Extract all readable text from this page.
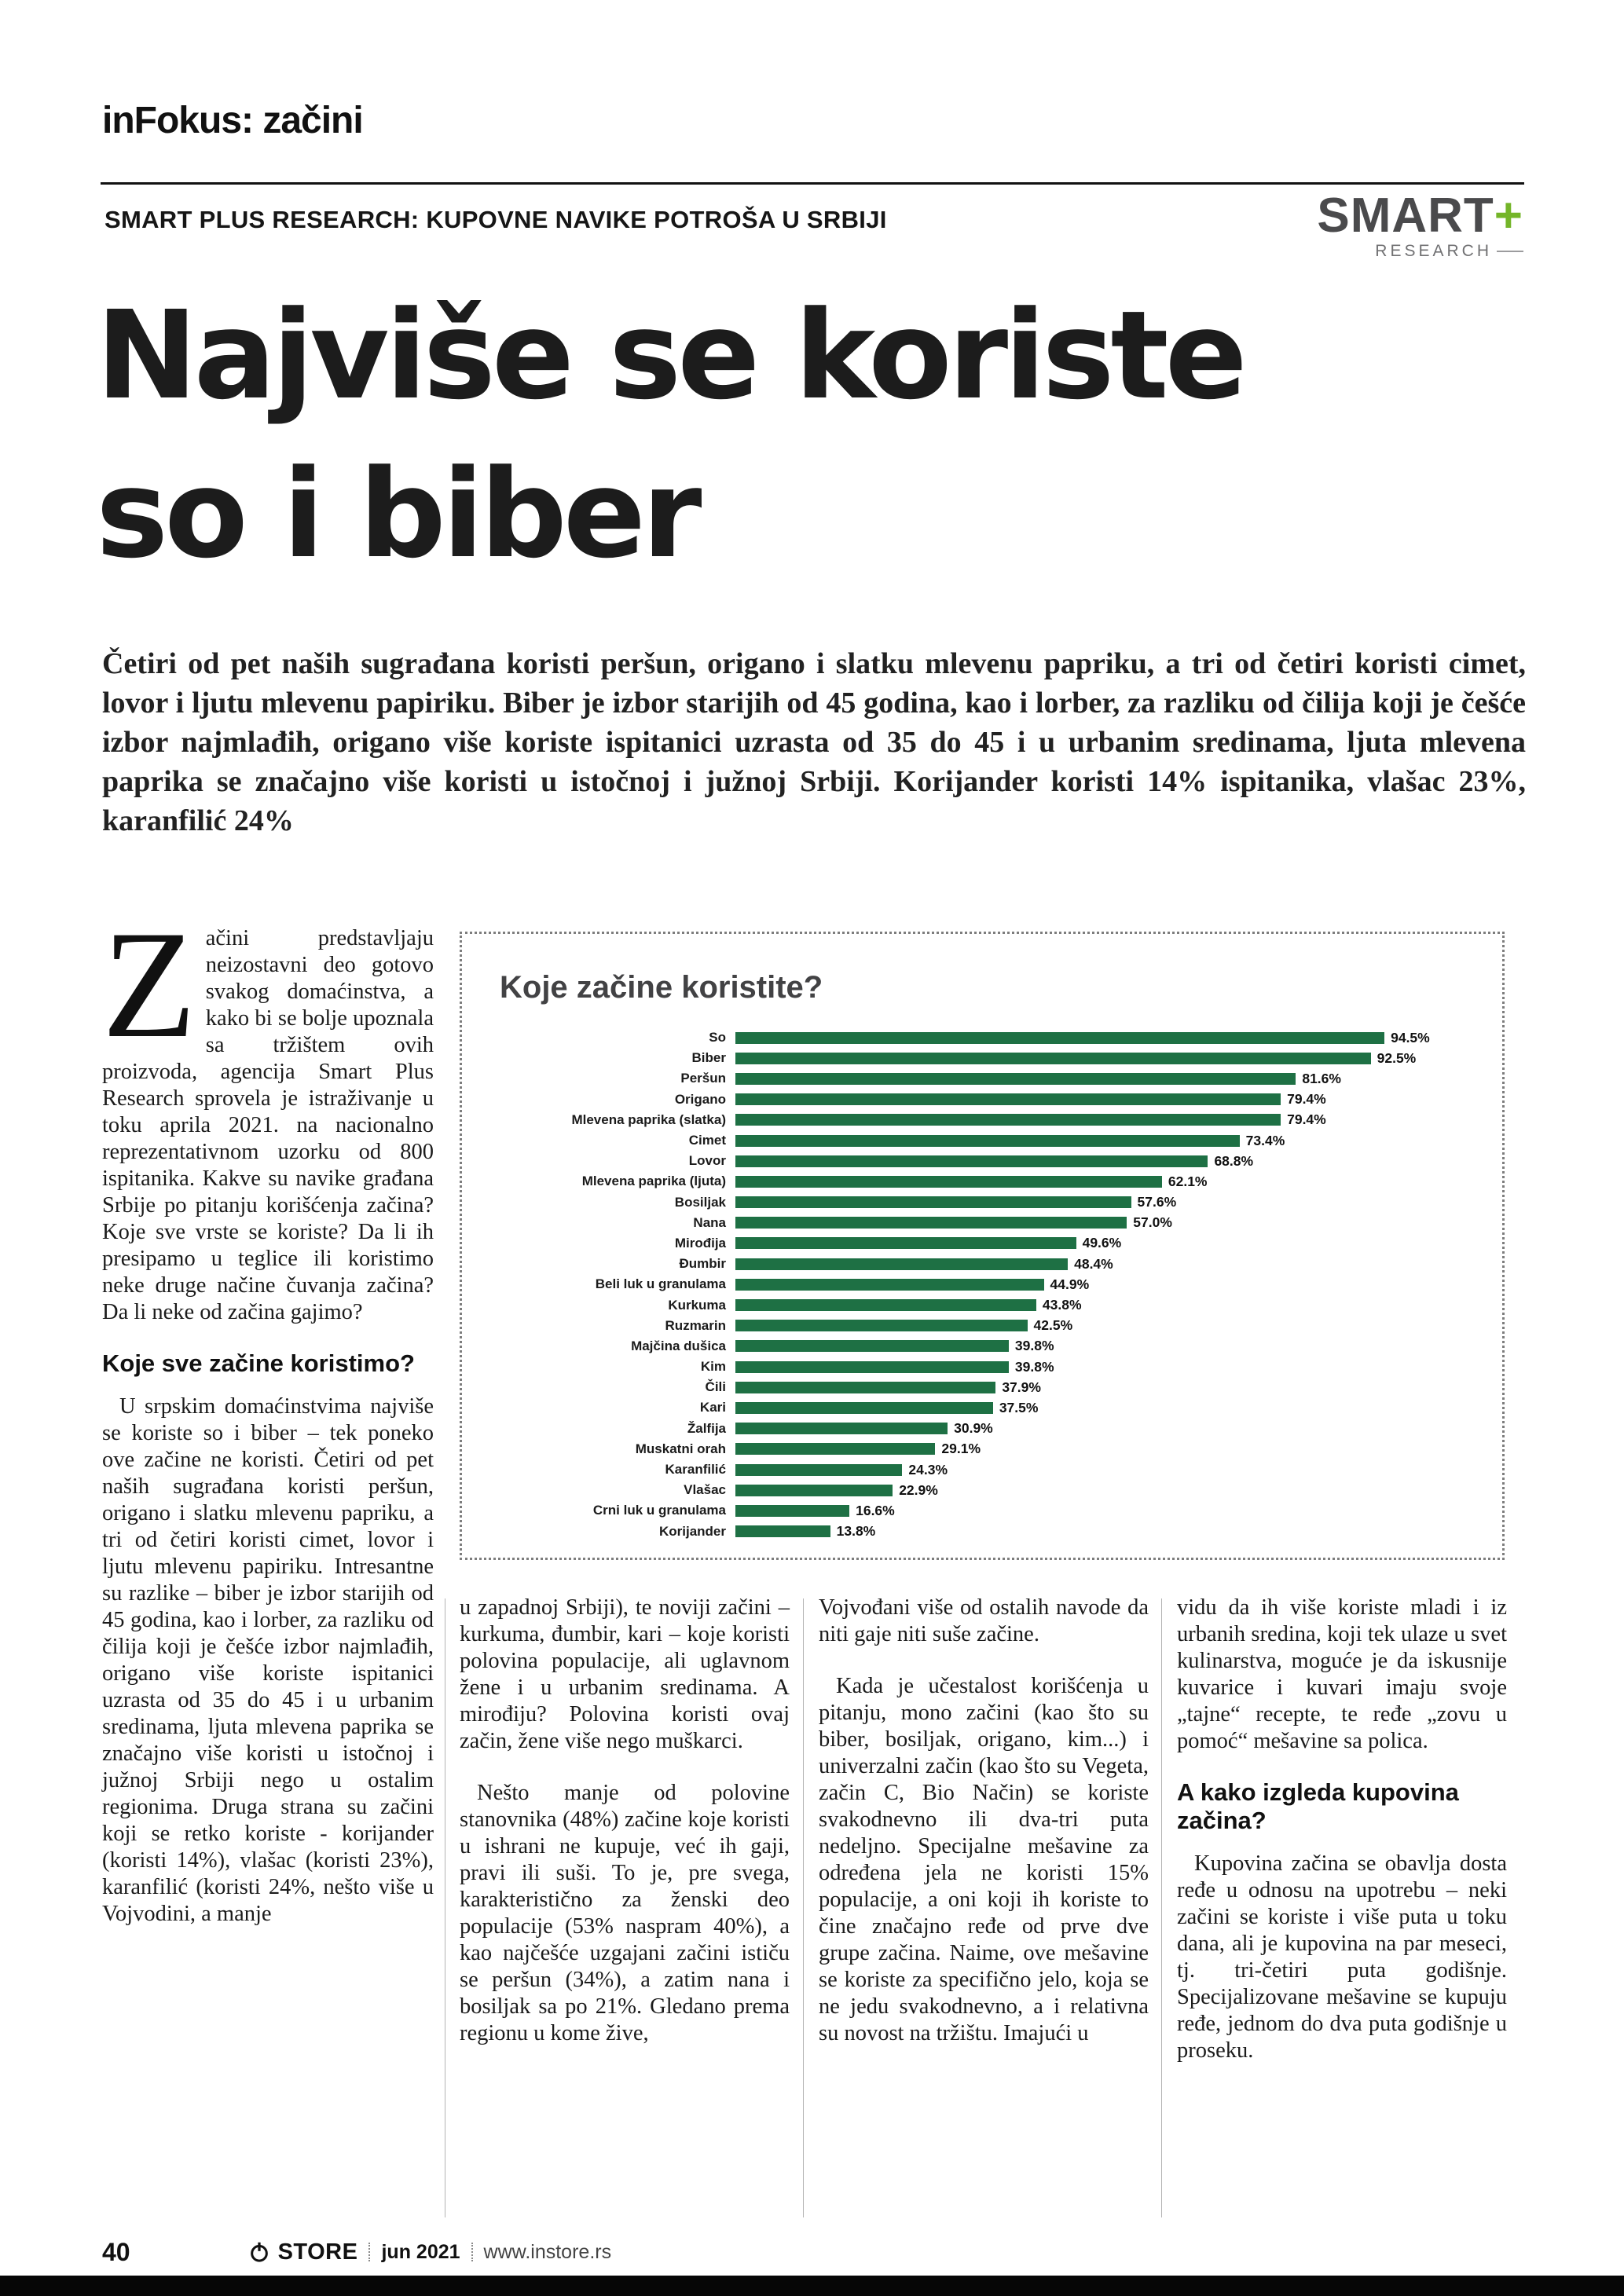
inFokus: začini
SMART PLUS RESEARCH: KUPOVNE NAVIKE POTROŠA U SRBIJI	SMART+
RESEARCH
Najviše se koriste
so i biber
Četiri od pet naših sugrađana koristi peršun, origano i slatku mlevenu papriku, a tri od četiri koristi cimet, lovor i ljutu mlevenu papiriku. Biber je izbor starijih od 45 godina, kao i lorber, za razliku od čilija koji je češće izbor najmlađih, origano više koriste ispitanici uzrasta od 35 do 45 i u urbanim sredinama, ljuta mlevena paprika se značajno više koristi u istočnoj i južnoj Srbiji. Korijander koristi 14% ispitanika, vlašac 23%, karanfilić 24%

Začini predstavljaju neizostavni deo gotovo svakog domaćinstva, a kako bi se bolje upoznala sa tržištem ovih proizvoda, agencija Smart Plus Research sprovela je istraživanje u toku aprila 2021. na nacionalno reprezentativnom uzorku od 800 ispitanika. Kakve su navike građana Srbije po pitanju korišćenja začina? Koje sve vrste se koriste? Da li ih presipamo u teglice ili koristimo neke druge načine čuvanja začina? Da li neke od začina gajimo?

Koje sve začine koristimo?

U srpskim domaćinstvima najviše se koriste so i biber – tek poneko ove začine ne koristi. Četiri od pet naših sugrađana koristi peršun, origano i slatku mlevenu papriku, a tri od četiri koristi cimet, lovor i ljutu mlevenu papiriku. Intresantne su razlike – biber je izbor starijih od 45 godina, kao i lorber, za razliku od čilija koji je češće izbor najmlađih, origano više koriste ispitanici uzrasta od 35 do 45 i u urbanim sredinama, ljuta mlevena paprika se značajno više koristi u istočnoj i južnoj Srbiji nego u ostalim regionima. Druga strana su začini koji se retko koriste - korijander (koristi 14%), vlašac (koristi 23%), karanfilić (koristi 24%, nešto više u Vojvodini, a manje

Koje začine koristite?
So	94.5%
Biber	92.5%
Peršun	81.6%
Origano	79.4%
Mlevena paprika (slatka)	79.4%
Cimet	73.4%
Lovor	68.8%
Mlevena paprika (ljuta)	62.1%
Bosiljak	57.6%
Nana	57.0%
Mirođija	49.6%
Đumbir	48.4%
Beli luk u granulama	44.9%
Kurkuma	43.8%
Ruzmarin	42.5%
Majčina dušica	39.8%
Kim	39.8%
Čili	37.9%
Kari	37.5%
Žalfija	30.9%
Muskatni orah	29.1%
Karanfilić	24.3%
Vlašac	22.9%
Crni luk u granulama	16.6%
Korijander	13.8%

u zapadnoj Srbiji), te noviji začini – kurkuma, đumbir, kari – koje koristi polovina populacije, ali uglavnom žene i u urbanim sredinama. A mirođiju? Polovina koristi ovaj začin, žene više nego muškarci.

Nešto manje od polovine stanovnika (48%) začine koje koristi u ishrani ne kupuje, već ih gaji, pravi ili suši. To je, pre svega, karakteristično za ženski deo populacije (53% naspram 40%), a kao najčešće uzgajani začini ističu se peršun (34%), a zatim nana i bosiljak sa po 21%. Gledano prema regionu u kome žive,

Vojvođani više od ostalih navode da niti gaje niti suše začine.

Kada je učestalost korišćenja u pitanju, mono začini (kao što su biber, bosiljak, origano, kim...) i univerzalni začin (kao što su Vegeta, začin C, Bio Način) se koriste svakodnevno ili dva-tri puta nedeljno. Specijalne mešavine za određena jela ne koristi 15% populacije, a oni koji ih koriste to čine značajno ređe od prve dve grupe začina. Naime, ove mešavine se koriste za specifično jelo, koja se ne jedu svakodnevno, a i relativna su novost na tržištu. Imajući u

vidu da ih više koriste mladi i iz urbanih sredina, koji tek ulaze u svet kulinarstva, moguće je da iskusnije kuvarice i kuvari imaju svoje „tajne“ recepte, te ređe „zovu u pomoć“ mešavine sa polica.

A kako izgleda kupovina začina?

Kupovina začina se obavlja dosta ređe u odnosu na upotrebu – neki začini se koriste i više puta u toku dana, ali je kupovina na par meseci, tj. tri-četiri puta godišnje. Specijalizovane mešavine se kupuju ređe, jednom do dva puta godišnje u proseku.

40	STORE jun 2021 www.instore.rs
